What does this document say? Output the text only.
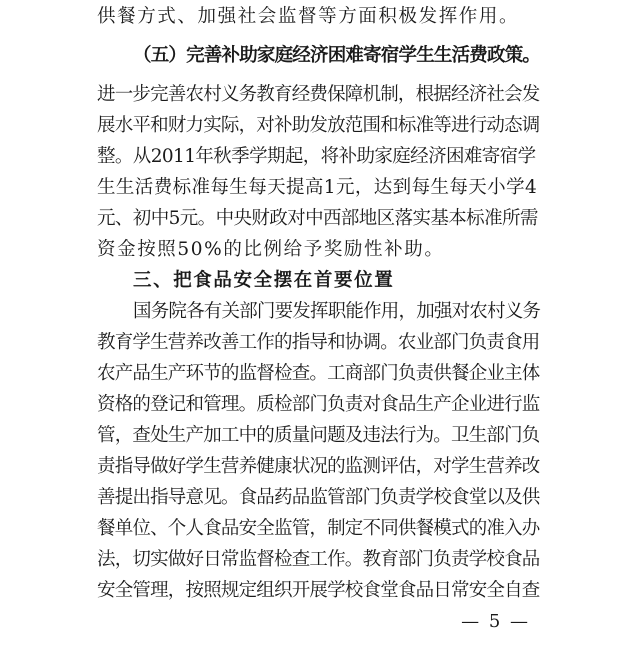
供餐方式、加强社会监督等方面积极发挥作用。
（五）完善补助家庭经济困难寄宿学生生活费政策。
进一步完善农村义务教育经费保障机制，根据经济社会发
展水平和财力实际，对补助发放范围和标准等进行动态调
整。从2011年秋季学期起，将补助家庭经济困难寄宿学
生生活费标准每生每天提高1元，达到每生每天小学4
元、初中5元。中央财政对中西部地区落实基本标准所需
资金按照50%的比例给予奖励性补助。
三、把食品安全摆在首要位置
国务院各有关部门要发挥职能作用，加强对农村义务
教育学生营养改善工作的指导和协调。农业部门负责食用
农产品生产环节的监督检查。工商部门负责供餐企业主体
资格的登记和管理。质检部门负责对食品生产企业进行监
管，查处生产加工中的质量问题及违法行为。卫生部门负
责指导做好学生营养健康状况的监测评估，对学生营养改
善提出指导意见。食品药品监管部门负责学校食堂以及供
餐单位、个人食品安全监管，制定不同供餐模式的准入办
法，切实做好日常监督检查工作。教育部门负责学校食品
安全管理，按照规定组织开展学校食堂食品日常安全自查
— 5 —
